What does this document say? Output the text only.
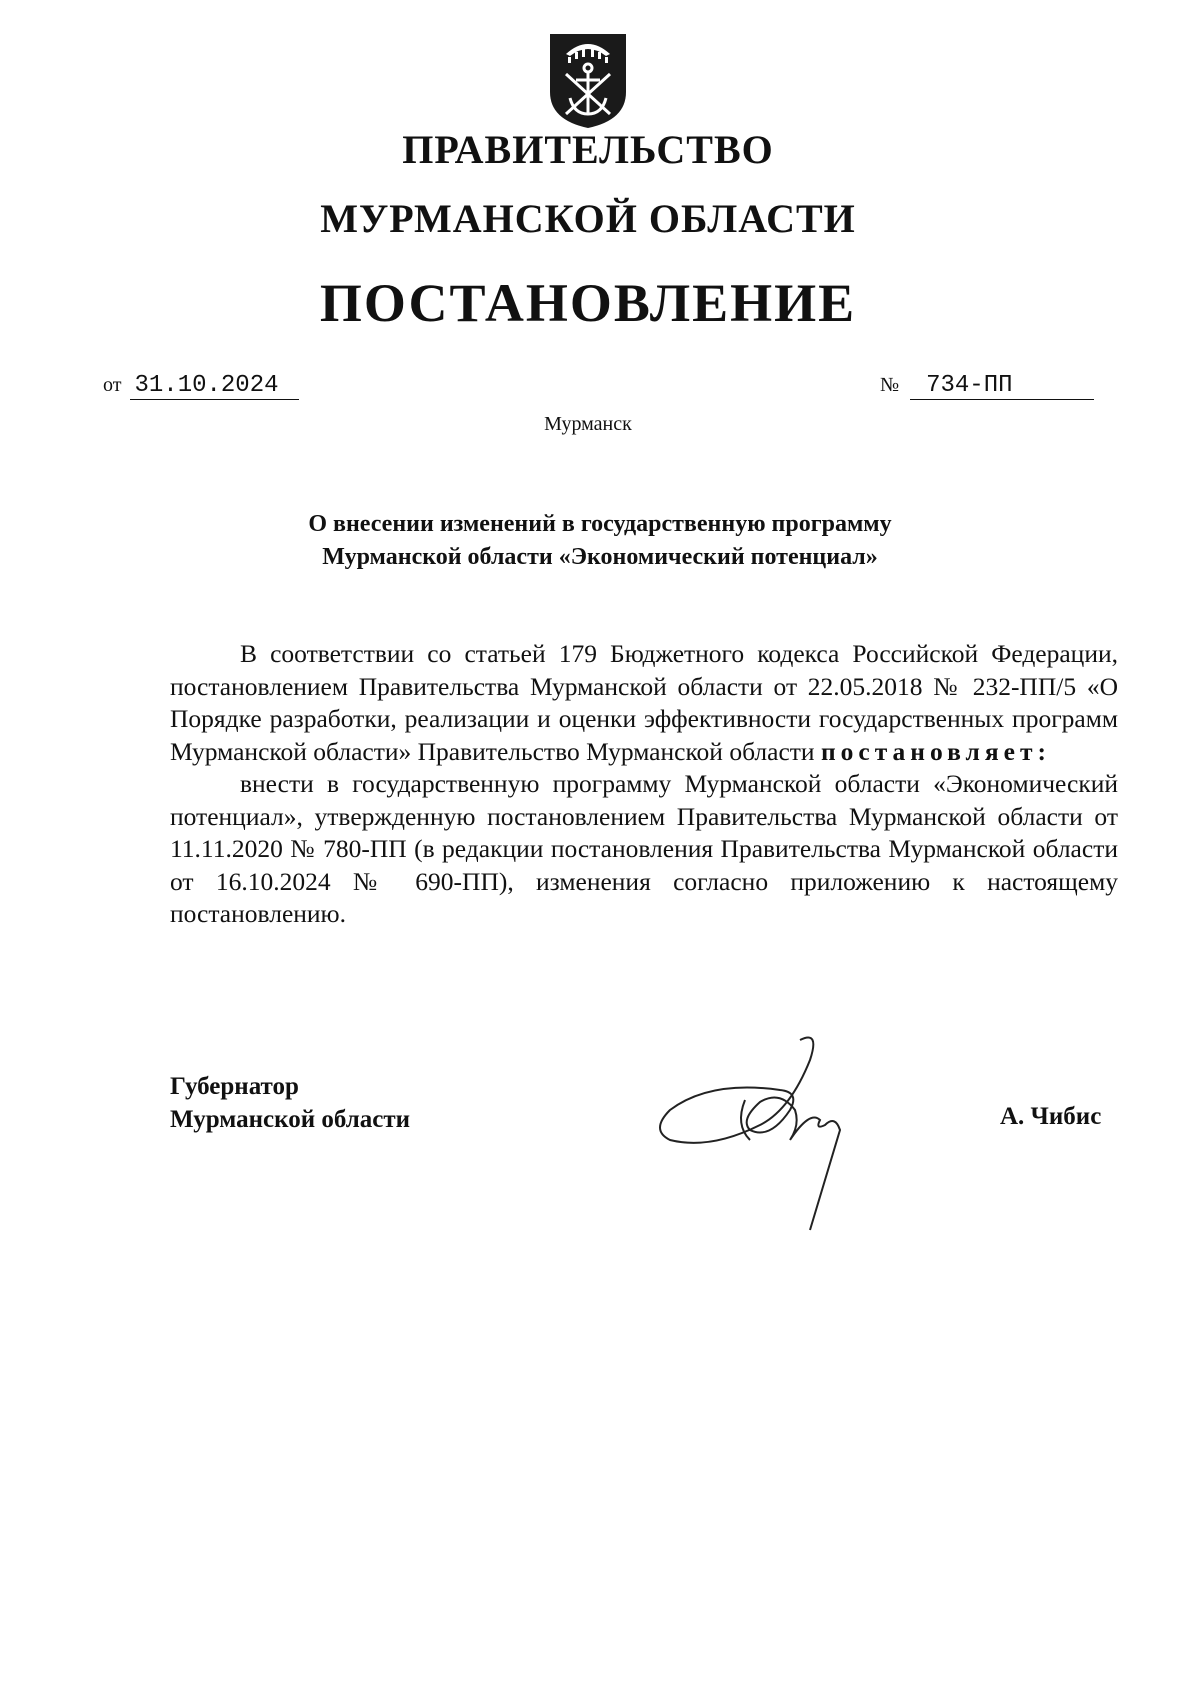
ПРАВИТЕЛЬСТВО
МУРМАНСКОЙ ОБЛАСТИ
ПОСТАНОВЛЕНИЕ
от 31.10.2024	№ 734-ПП
Мурманск
О внесении изменений в государственную программу
Мурманской области «Экономический потенциал»

В соответствии со статьей 179 Бюджетного кодекса Российской Федерации, постановлением Правительства Мурманской области от 22.05.2018 № 232-ПП/5 «О Порядке разработки, реализации и оценки эффективности государственных программ Мурманской области» Правительство Мурманской области постановляет:

внести в государственную программу Мурманской области «Экономический потенциал», утвержденную постановлением Правительства Мурманской области от 11.11.2020 № 780-ПП (в редакции постановления Правительства Мурманской области от 16.10.2024 № 690-ПП), изменения согласно приложению к настоящему постановлению.

Губернатор
Мурманской области	А. Чибис
